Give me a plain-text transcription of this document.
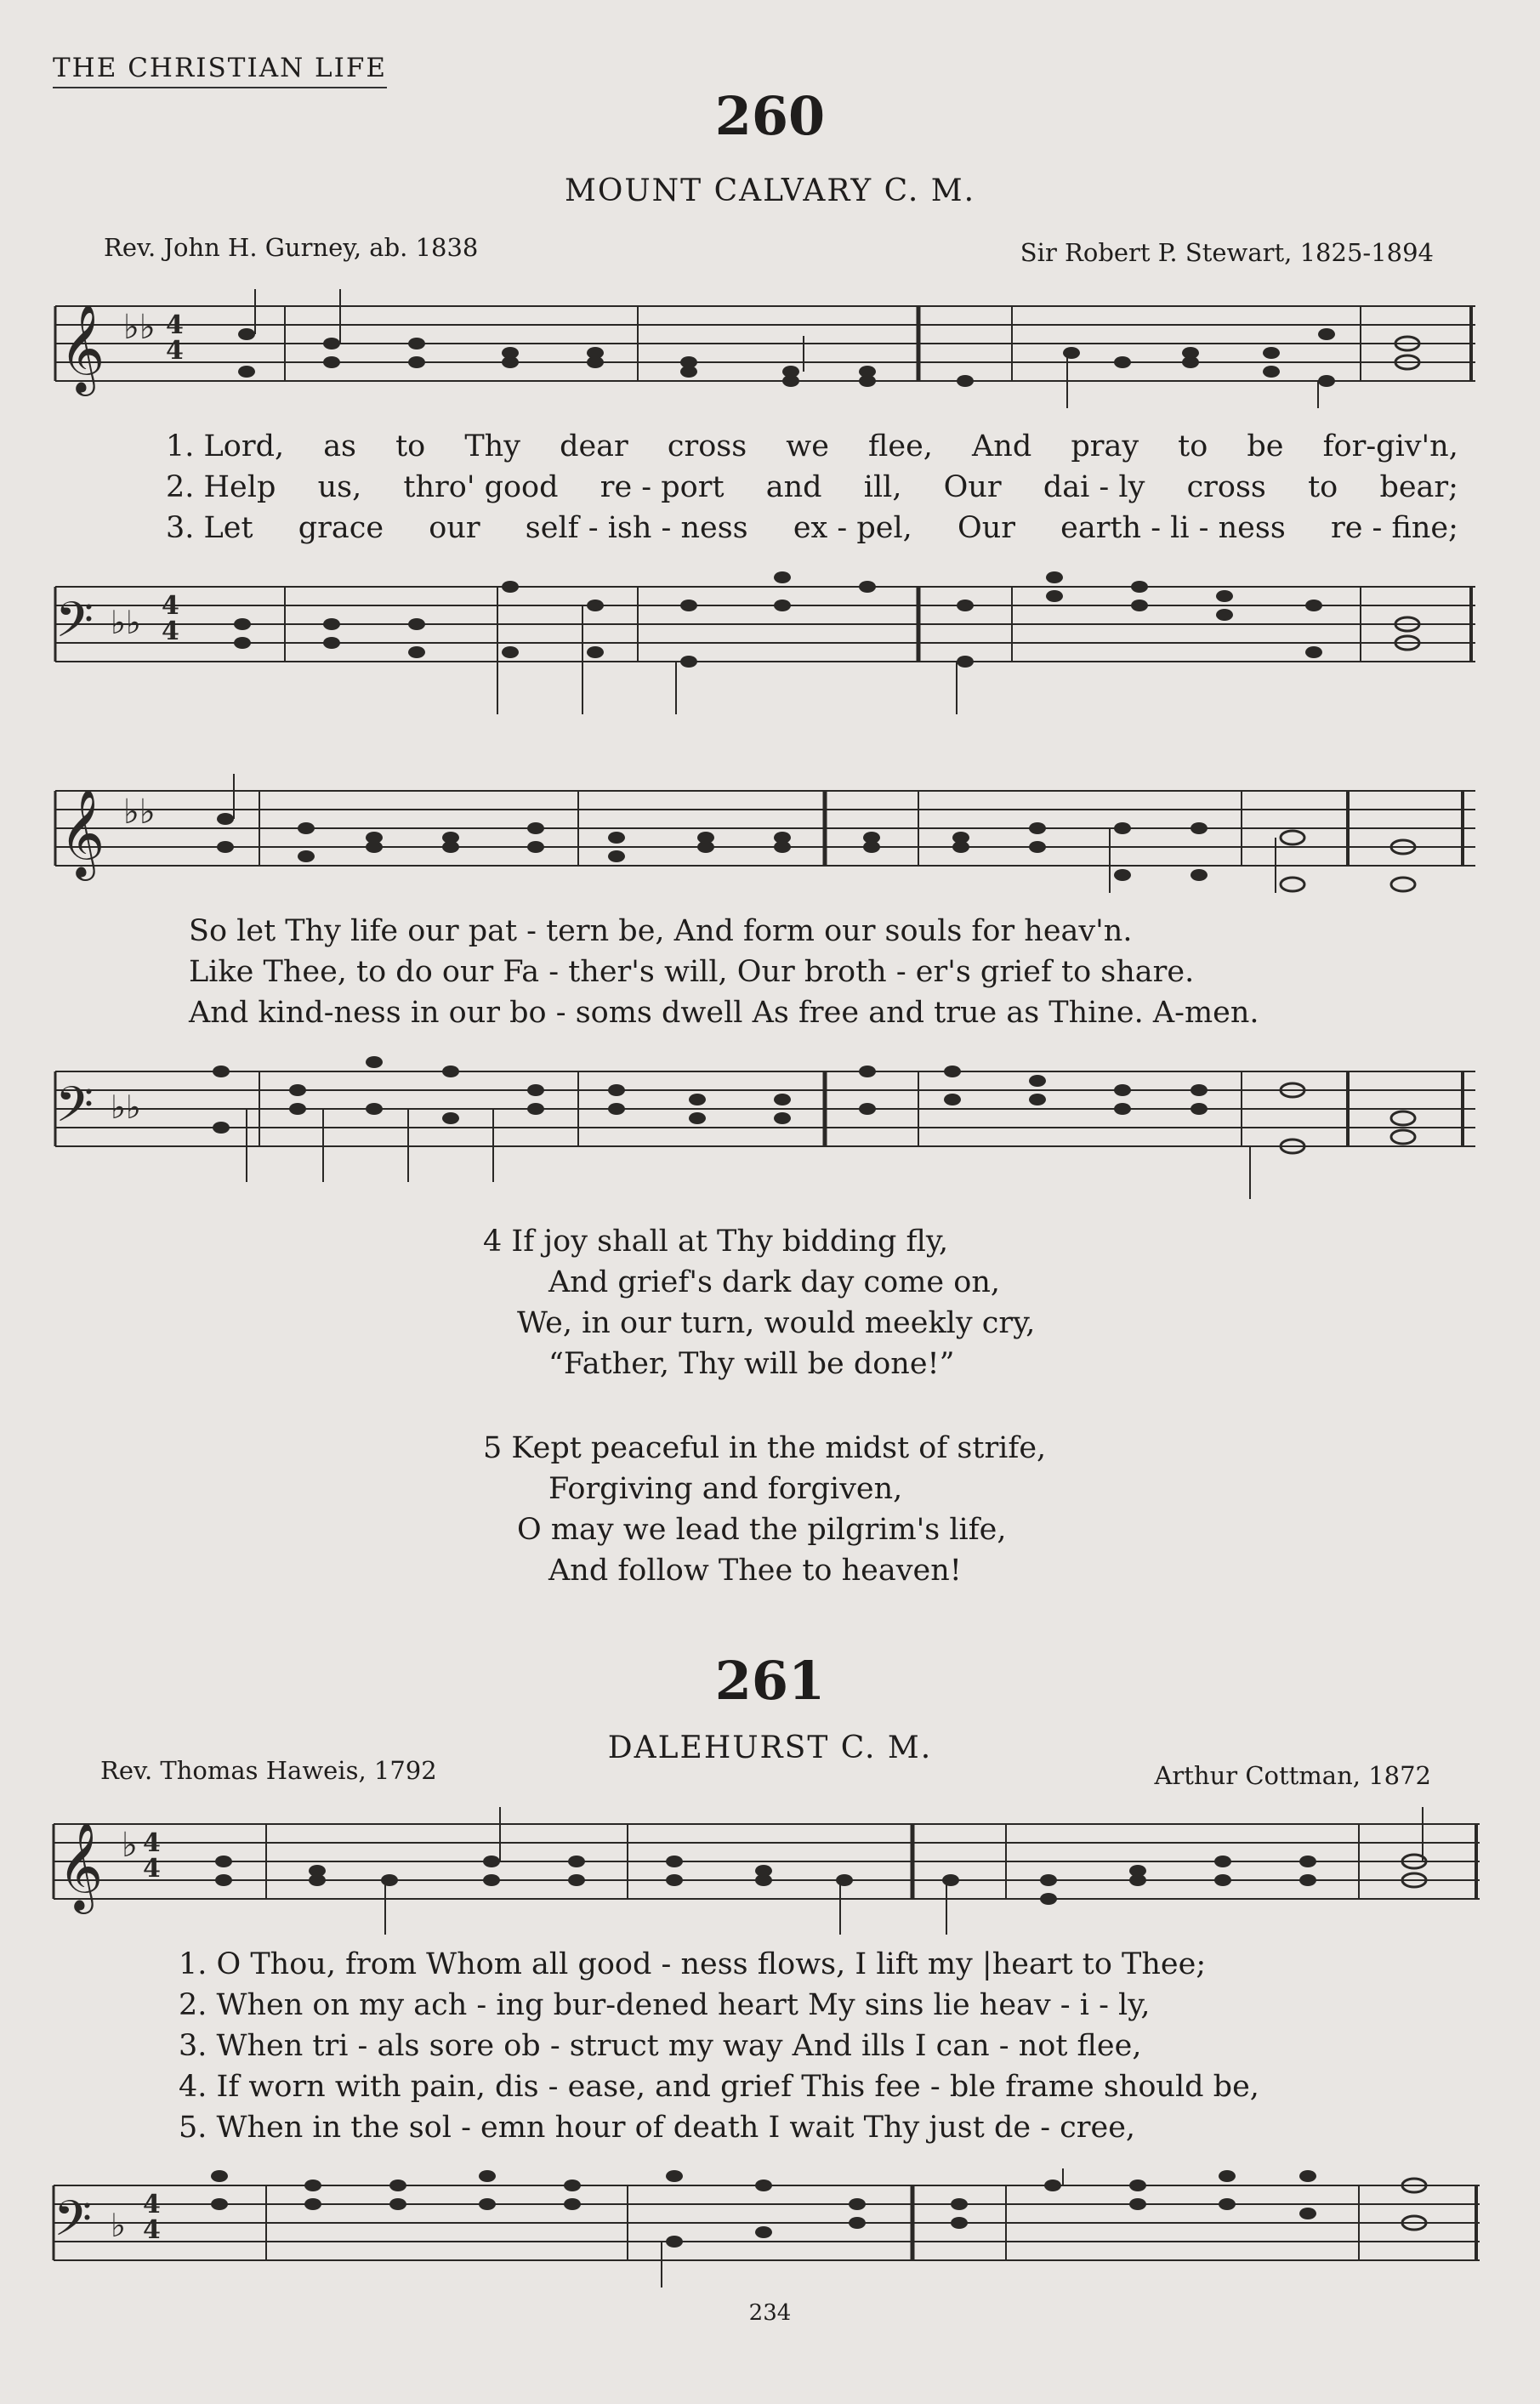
THE CHRISTIAN LIFE
260
MOUNT CALVARY C. M.
Rev. John H. Gurney, ab. 1838	Sir Robert P. Stewart, 1825-1894
𝄞 ♭♭ 4
4
1. Lord, as to Thy dear cross we flee, And pray to be for-giv'n,
2. Help us, thro' good re - port and ill, Our dai - ly cross to bear;
3. Let grace our self - ish - ness ex - pel, Our earth - li - ness re - fine;
𝄢 ♭♭ 4
4
𝄞 ♭♭
So let Thy life our pat - tern be, And form our souls for heav'n.
Like Thee, to do our Fa - ther's will, Our broth - er's grief to share.
And kind-ness in our bo - soms dwell As free and true as Thine. A-men.
𝄢 ♭♭
4 If joy shall at Thy bidding fly,
And grief's dark day come on,
We, in our turn, would meekly cry,
“Father, Thy will be done!”
5 Kept peaceful in the midst of strife,
Forgiving and forgiven,
O may we lead the pilgrim's life,
And follow Thee to heaven!
261
DALEHURST C. M.
Rev. Thomas Haweis, 1792	Arthur Cottman, 1872
𝄞 ♭ 4
4
1. O Thou, from Whom all good - ness flows, I lift my |heart to Thee;
2. When on my ach - ing bur-dened heart My sins lie heav - i - ly,
3. When tri - als sore ob - struct my way And ills I can - not flee,
4. If worn with pain, dis - ease, and grief This fee - ble frame should be,
5. When in the sol - emn hour of death I wait Thy just de - cree,
𝄢 ♭
4
4
234
